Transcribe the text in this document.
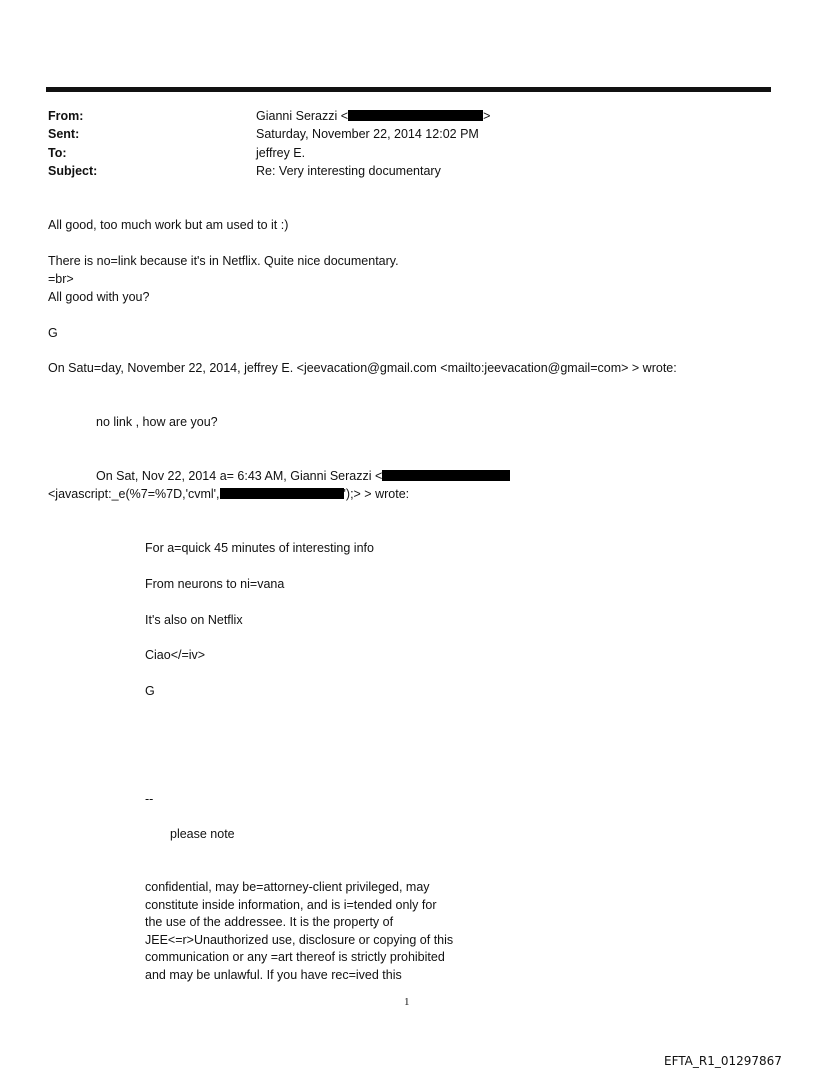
From:
Sent:
To:
Subject:
Gianni Serazzi <	>
Saturday, November 22, 2014 12:02 PM
jeffrey E.
Re: Very interesting documentary
All good, too much work but am used to it :)
There is no=link because it's in Netflix. Quite nice documentary.
=br>
All good with you?
G
On Satu=day, November 22, 2014, jeffrey E. <jeevacation@gmail.com <mailto:jeevacation@gmail=com> > wrote:
no link , how are you?
On Sat, Nov 22, 2014 a= 6:43 AM, Gianni Serazzi <
<javascript:_e(%7=%7D,'cvml',	');> > wrote:
For a=quick 45 minutes of interesting info
From neurons to ni=vana
It's also on Netflix
Ciao</=iv>
G
--
please note
confidential, may be=attorney-client privileged, may
constitute inside information, and is i=tended only for
the use of the addressee. It is the property of
JEE<=r>Unauthorized use, disclosure or copying of this
communication or any =art thereof is strictly prohibited
and may be unlawful. If you have rec=ived this
1
EFTA_R1_01297867
